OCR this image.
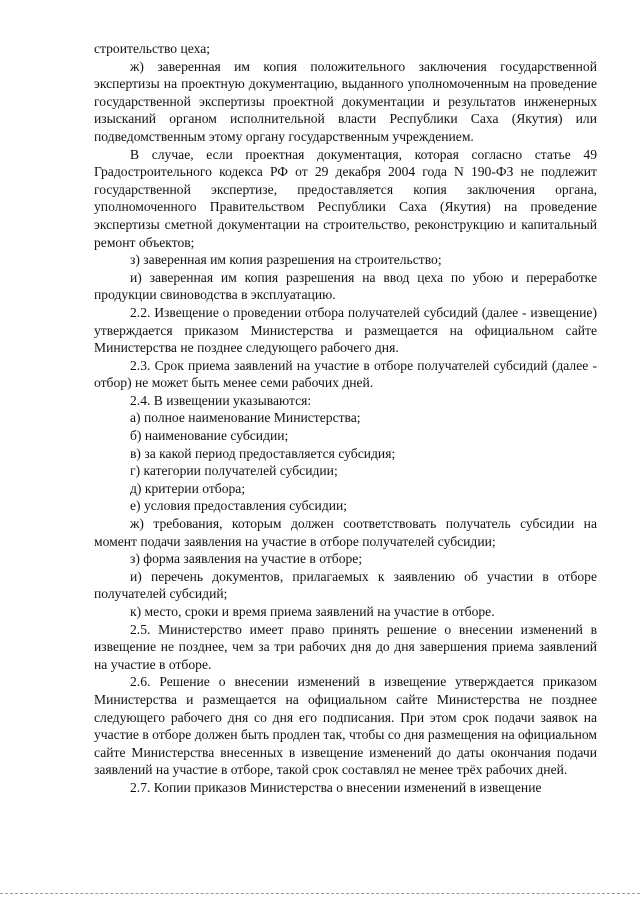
строительство цеха;

ж) заверенная им копия положительного заключения государственной экспертизы на проектную документацию, выданного уполномоченным на проведение государственной экспертизы проектной документации и результатов инженерных изысканий органом исполнительной власти Республики Саха (Якутия) или подведомственным этому органу государственным учреждением.

В случае, если проектная документация, которая согласно статье 49 Градостроительного кодекса РФ от 29 декабря 2004 года N 190-ФЗ не подлежит государственной экспертизе, предоставляется копия заключения органа, уполномоченного Правительством Республики Саха (Якутия) на проведение экспертизы сметной документации на строительство, реконструкцию и капитальный ремонт объектов;

з) заверенная им копия разрешения на строительство;

и) заверенная им копия разрешения на ввод цеха по убою и переработке продукции свиноводства в эксплуатацию.

2.2. Извещение о проведении отбора получателей субсидий (далее - извещение) утверждается приказом Министерства и размещается на официальном сайте Министерства не позднее следующего рабочего дня.

2.3. Срок приема заявлений на участие в отборе получателей субсидий (далее - отбор) не может быть менее семи рабочих дней.

2.4. В извещении указываются:

а) полное наименование Министерства;

б) наименование субсидии;

в) за какой период предоставляется субсидия;

г) категории получателей субсидии;

д) критерии отбора;

е) условия предоставления субсидии;

ж) требования, которым должен соответствовать получатель субсидии на момент подачи заявления на участие в отборе получателей субсидии;

з) форма заявления на участие в отборе;

и) перечень документов, прилагаемых к заявлению об участии в отборе получателей субсидий;

к) место, сроки и время приема заявлений на участие в отборе.

2.5. Министерство имеет право принять решение о внесении изменений в извещение не позднее, чем за три рабочих дня до дня завершения приема заявлений на участие в отборе.

2.6. Решение о внесении изменений в извещение утверждается приказом Министерства и размещается на официальном сайте Министерства не позднее следующего рабочего дня со дня его подписания. При этом срок подачи заявок на участие в отборе должен быть продлен так, чтобы со дня размещения на официальном сайте Министерства внесенных в извещение изменений до даты окончания подачи заявлений на участие в отборе, такой срок составлял не менее трёх рабочих дней.

2.7. Копии приказов Министерства о внесении изменений в извещение
